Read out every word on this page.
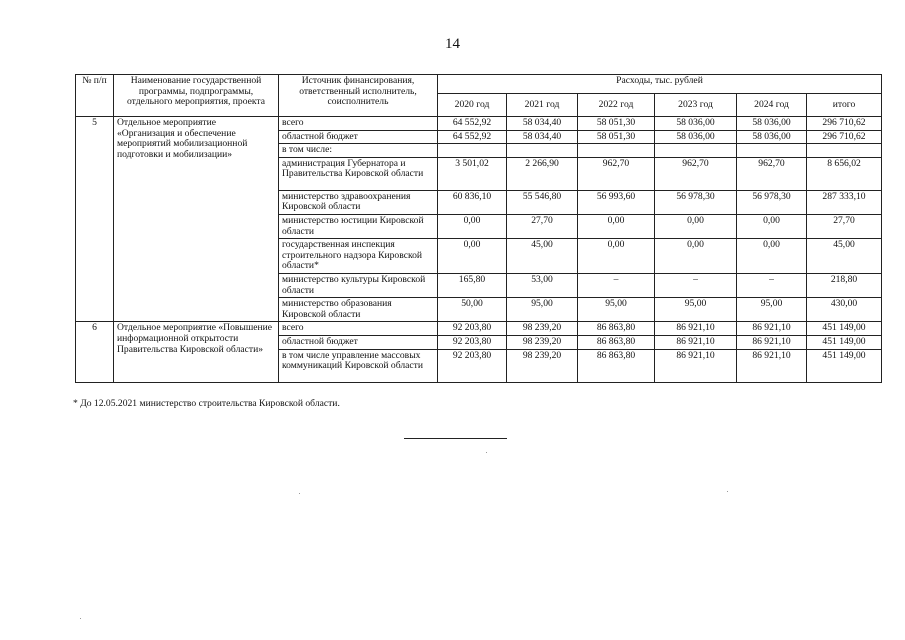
14
№ п/п	Наименование государственной программы, подпрограммы, отдельного мероприятия, проекта	Источник финансирования, ответственный исполнитель, соисполнитель	Расходы, тыс. рублей					
			2020 год	2021 год	2022 год	2023 год	2024 год	итого
5	Отдельное мероприятие «Организация и обеспечение мероприятий мобилизационной подготовки и мобилизации»	всего	64 552,92	58 034,40	58 051,30	58 036,00	58 036,00	296 710,62
		областной бюджет	64 552,92	58 034,40	58 051,30	58 036,00	58 036,00	296 710,62
		в том числе:						
		администрация Губернатора и Правительства Кировской области	3 501,02	2 266,90	962,70	962,70	962,70	8 656,02
		министерство здравоохранения Кировской области	60 836,10	55 546,80	56 993,60	56 978,30	56 978,30	287 333,10
		министерство юстиции Кировской области	0,00	27,70	0,00	0,00	0,00	27,70
		государственная инспекция строительного надзора Кировской области*	0,00	45,00	0,00	0,00	0,00	45,00
		министерство культуры Кировской области	165,80	53,00	–	–	–	218,80
		министерство образования Кировской области	50,00	95,00	95,00	95,00	95,00	430,00
6	Отдельное мероприятие «Повышение информационной открытости Правительства Кировской области»	всего	92 203,80	98 239,20	86 863,80	86 921,10	86 921,10	451 149,00
		областной бюджет	92 203,80	98 239,20	86 863,80	86 921,10	86 921,10	451 149,00
		в том числе управление массовых коммуникаций Кировской области	92 203,80	98 239,20	86 863,80	86 921,10	86 921,10	451 149,00
* До 12.05.2021 министерство строительства Кировской области.
